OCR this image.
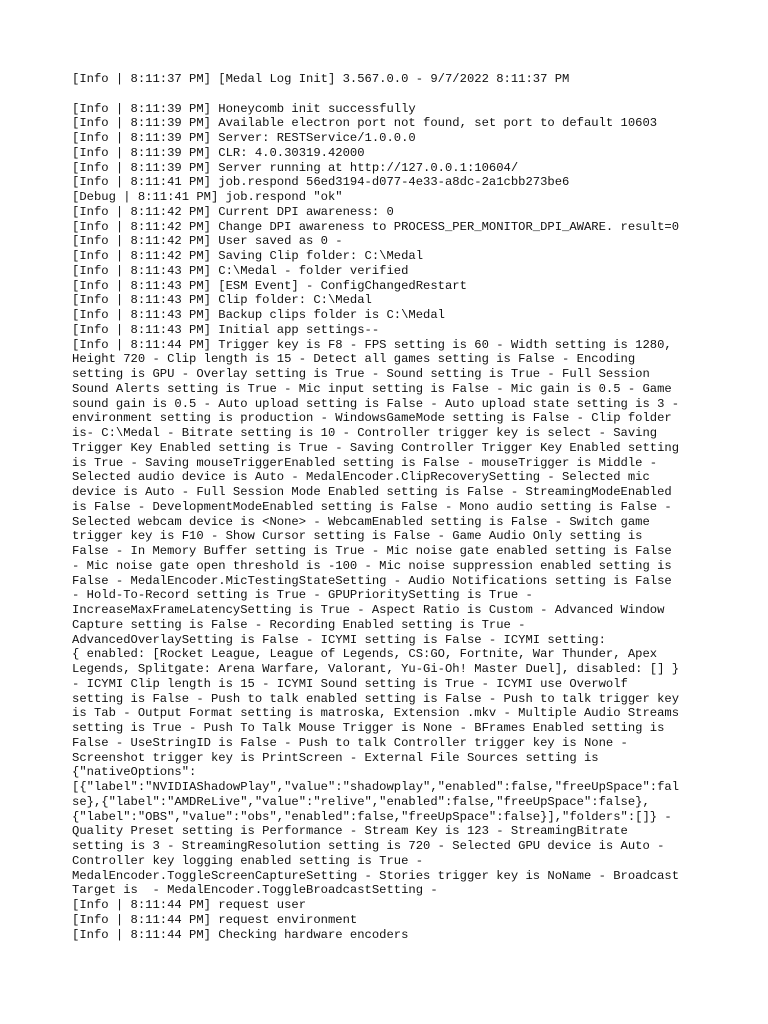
[Info | 8:11:37 PM] [Medal Log Init] 3.567.0.0 - 9/7/2022 8:11:37 PM
[Info | 8:11:39 PM] Honeycomb init successfully
[Info | 8:11:39 PM] Available electron port not found, set port to default 10603
[Info | 8:11:39 PM] Server: RESTService/1.0.0.0
[Info | 8:11:39 PM] CLR: 4.0.30319.42000
[Info | 8:11:39 PM] Server running at http://127.0.0.1:10604/
[Info | 8:11:41 PM] job.respond 56ed3194-d077-4e33-a8dc-2a1cbb273be6
[Debug | 8:11:41 PM] job.respond "ok"
[Info | 8:11:42 PM] Current DPI awareness: 0
[Info | 8:11:42 PM] Change DPI awareness to PROCESS_PER_MONITOR_DPI_AWARE. result=0
[Info | 8:11:42 PM] User saved as 0 -
[Info | 8:11:42 PM] Saving Clip folder: C:\Medal
[Info | 8:11:43 PM] C:\Medal - folder verified
[Info | 8:11:43 PM] [ESM Event] - ConfigChangedRestart
[Info | 8:11:43 PM] Clip folder: C:\Medal
[Info | 8:11:43 PM] Backup clips folder is C:\Medal
[Info | 8:11:43 PM] Initial app settings--
[Info | 8:11:44 PM] Trigger key is F8 - FPS setting is 60 - Width setting is 1280,
Height 720 - Clip length is 15 - Detect all games setting is False - Encoding
setting is GPU - Overlay setting is True - Sound setting is True - Full Session
Sound Alerts setting is True - Mic input setting is False - Mic gain is 0.5 - Game
sound gain is 0.5 - Auto upload setting is False - Auto upload state setting is 3 -
environment setting is production - WindowsGameMode setting is False - Clip folder
is- C:\Medal - Bitrate setting is 10 - Controller trigger key is select - Saving
Trigger Key Enabled setting is True - Saving Controller Trigger Key Enabled setting
is True - Saving mouseTriggerEnabled setting is False - mouseTrigger is Middle -
Selected audio device is Auto - MedalEncoder.ClipRecoverySetting - Selected mic
device is Auto - Full Session Mode Enabled setting is False - StreamingModeEnabled
is False - DevelopmentModeEnabled setting is False - Mono audio setting is False -
Selected webcam device is <None> - WebcamEnabled setting is False - Switch game
trigger key is F10 - Show Cursor setting is False - Game Audio Only setting is
False - In Memory Buffer setting is True - Mic noise gate enabled setting is False
- Mic noise gate open threshold is -100 - Mic noise suppression enabled setting is
False - MedalEncoder.MicTestingStateSetting - Audio Notifications setting is False
- Hold-To-Record setting is True - GPUPrioritySetting is True -
IncreaseMaxFrameLatencySetting is True - Aspect Ratio is Custom - Advanced Window
Capture setting is False - Recording Enabled setting is True -
AdvancedOverlaySetting is False - ICYMI setting is False - ICYMI setting:
{ enabled: [Rocket League, League of Legends, CS:GO, Fortnite, War Thunder, Apex
Legends, Splitgate: Arena Warfare, Valorant, Yu-Gi-Oh! Master Duel], disabled: [] }
- ICYMI Clip length is 15 - ICYMI Sound setting is True - ICYMI use Overwolf
setting is False - Push to talk enabled setting is False - Push to talk trigger key
is Tab - Output Format setting is matroska, Extension .mkv - Multiple Audio Streams
setting is True - Push To Talk Mouse Trigger is None - BFrames Enabled setting is
False - UseStringID is False - Push to talk Controller trigger key is None -
Screenshot trigger key is PrintScreen - External File Sources setting is
{"nativeOptions":
[{"label":"NVIDIAShadowPlay","value":"shadowplay","enabled":false,"freeUpSpace":fal
se},{"label":"AMDReLive","value":"relive","enabled":false,"freeUpSpace":false},
{"label":"OBS","value":"obs","enabled":false,"freeUpSpace":false}],"folders":[]} -
Quality Preset setting is Performance - Stream Key is 123 - StreamingBitrate
setting is 3 - StreamingResolution setting is 720 - Selected GPU device is Auto -
Controller key logging enabled setting is True -
MedalEncoder.ToggleScreenCaptureSetting - Stories trigger key is NoName - Broadcast
Target is  - MedalEncoder.ToggleBroadcastSetting -
[Info | 8:11:44 PM] request user
[Info | 8:11:44 PM] request environment
[Info | 8:11:44 PM] Checking hardware encoders
